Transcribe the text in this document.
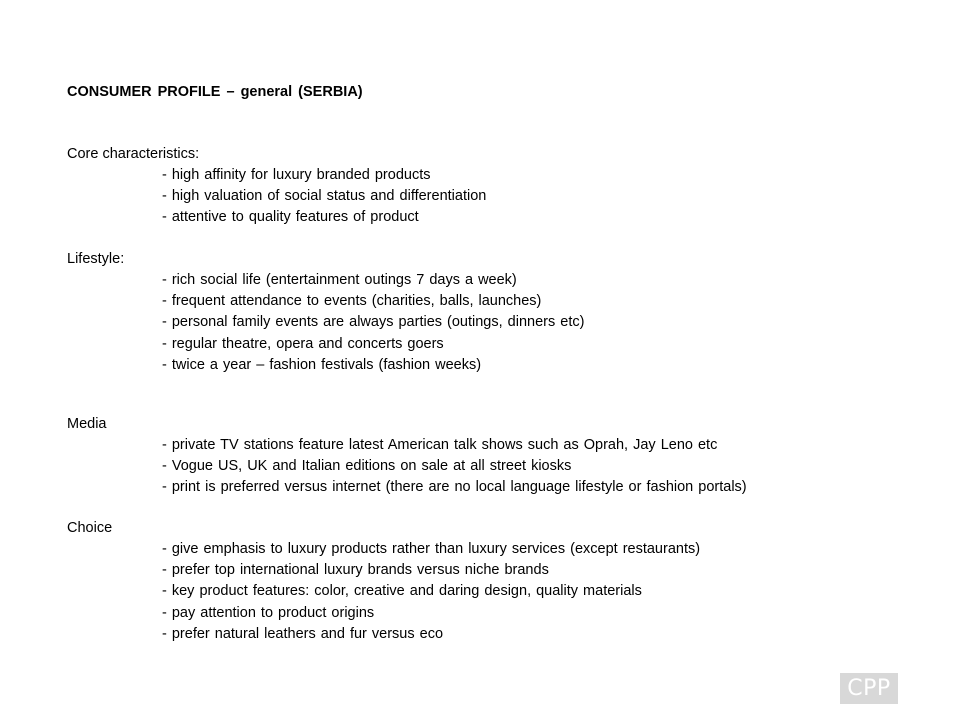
CONSUMER PROFILE – general (SERBIA)
Core characteristics:
- high affinity for luxury branded products
- high valuation of social status and differentiation
- attentive to quality features of product
Lifestyle:
- rich social life (entertainment outings 7 days a week)
- frequent attendance to events (charities, balls, launches)
- personal family events are always parties (outings, dinners etc)
- regular theatre, opera and concerts goers
- twice a year – fashion festivals (fashion weeks)
Media
- private TV stations feature latest American talk shows such as Oprah, Jay Leno etc
- Vogue US, UK and Italian editions on sale at all street kiosks
- print is preferred versus internet (there are no local language lifestyle or fashion portals)
Choice
- give emphasis to luxury products rather than luxury services (except restaurants)
- prefer top international luxury brands versus niche brands
- key product features: color, creative and daring design, quality materials
- pay attention to product origins
- prefer natural leathers and fur versus eco
CPP
